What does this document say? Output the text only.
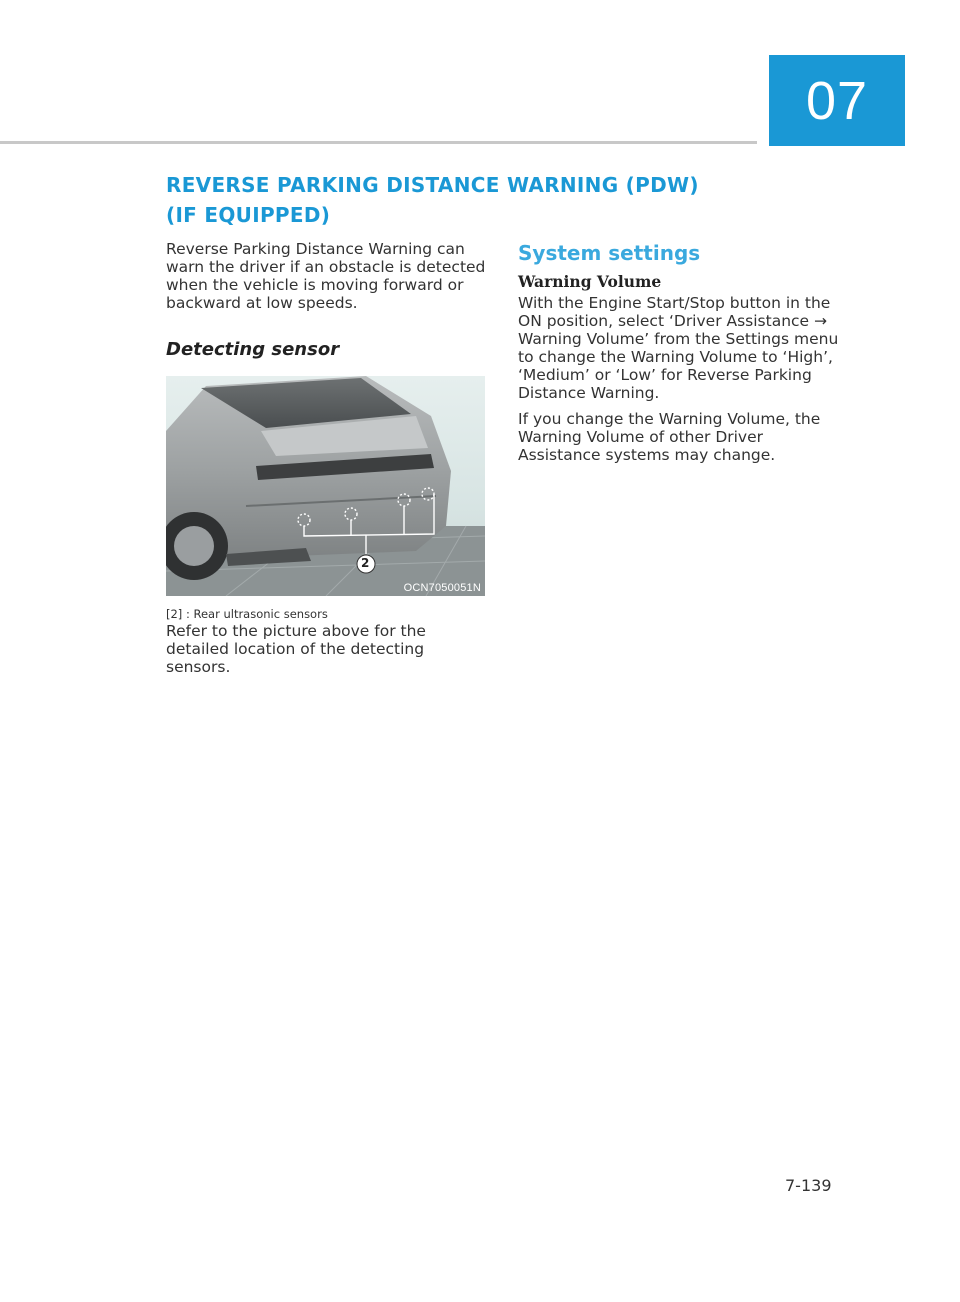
07
REVERSE PARKING DISTANCE WARNING (PDW)
(IF EQUIPPED)

Reverse Parking Distance Warning can warn the driver if an obstacle is detected when the vehicle is moving forward or backward at low speeds.

Detecting sensor
2
OCN7050051N
[2] : Rear ultrasonic sensors

Refer to the picture above for the detailed location of the detecting sensors.

System settings
Warning Volume

With the Engine Start/Stop button in the ON position, select ‘Driver Assistance → Warning Volume’ from the Settings menu to change the Warning Volume to ‘High’, ‘Medium’ or ‘Low’ for Reverse Parking Distance Warning.

If you change the Warning Volume, the Warning Volume of other Driver Assistance systems may change.

7-139
